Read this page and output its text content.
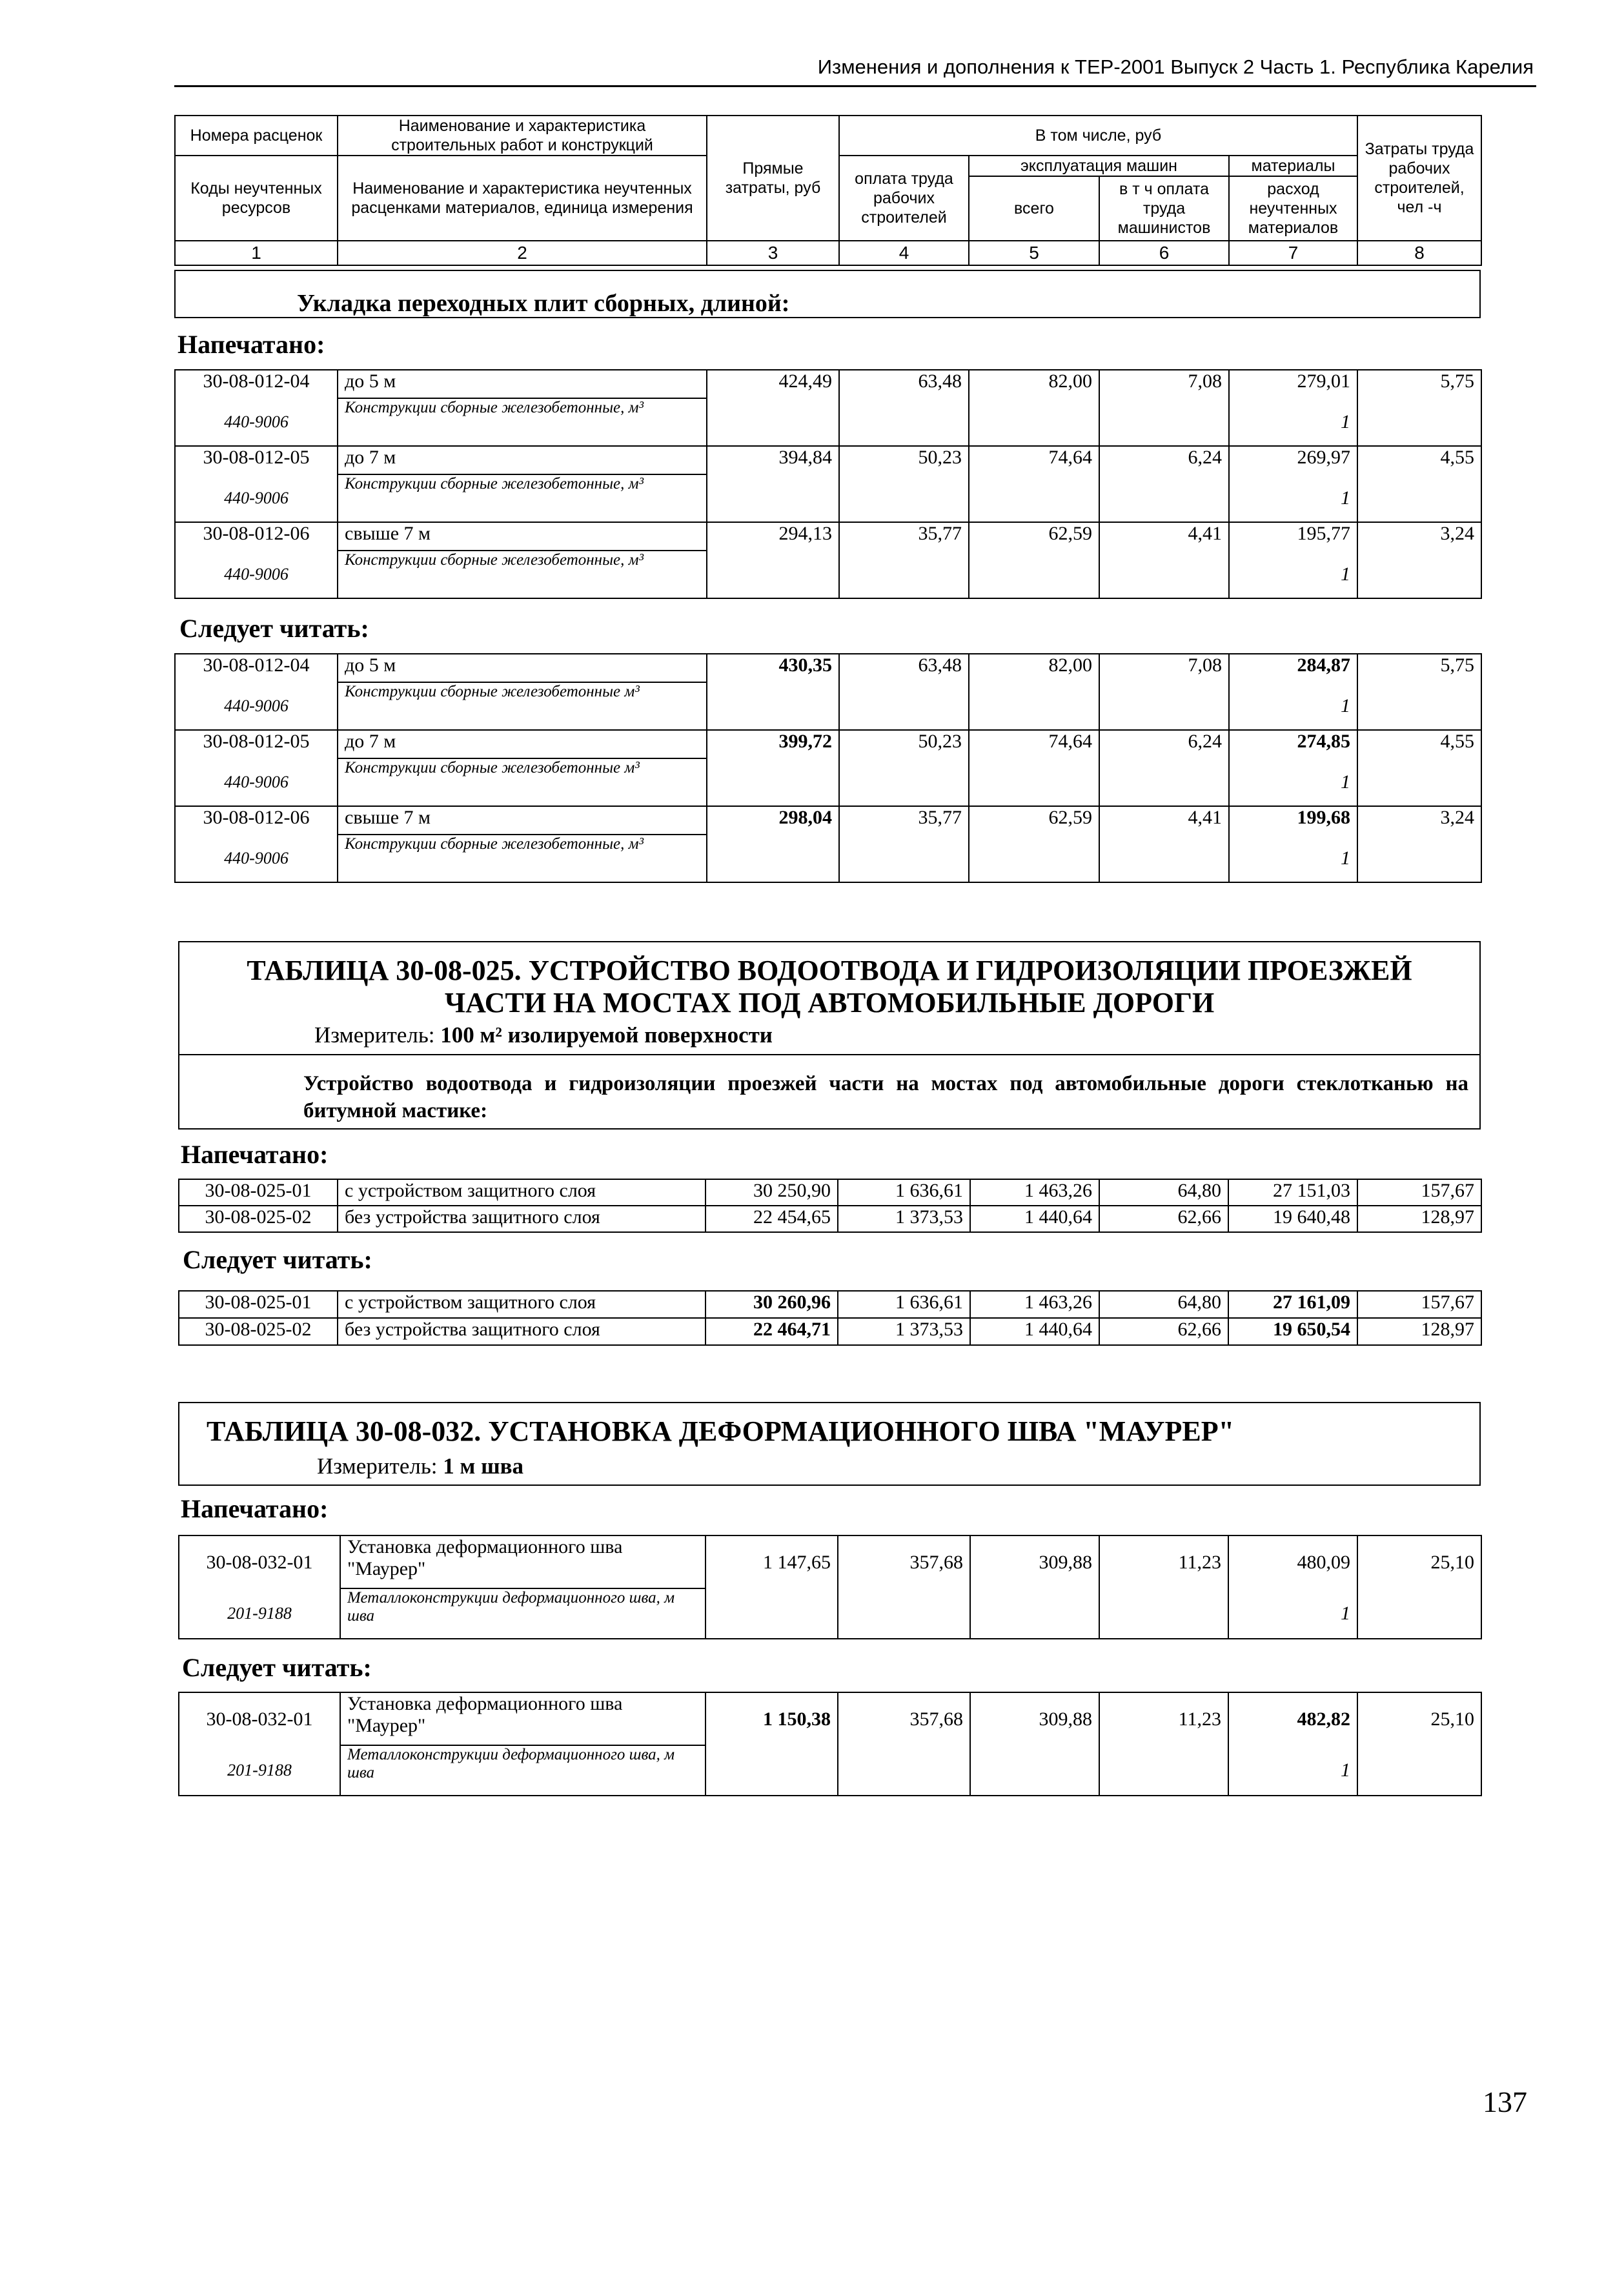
Изменения и дополнения к ТЕР-2001 Выпуск 2 Часть 1. Республика Карелия
Номера расценок	Наименование и характеристика строительных работ и конструкций	Прямые затраты, руб	В том числе, руб				Затраты труда рабочих строителей, чел -ч
Коды неучтенных ресурсов	Наименование и характеристика неучтенных расценками материалов, единица измерения		оплата труда рабочих строителей	эксплуатация машин		материалы	
				всего	в т ч оплата труда машинистов	расход неучтенных материалов	
1	2	3	4	5	6	7	8
Укладка переходных плит сборных, длиной:
Напечатано:
30-08-012-04	до 5 м	424,49	63,48	82,00	7,08	279,01	5,75
440-9006	Конструкции сборные железобетонные, м³					1	
30-08-012-05	до 7 м	394,84	50,23	74,64	6,24	269,97	4,55
440-9006	Конструкции сборные железобетонные, м³					1	
30-08-012-06	свыше 7 м	294,13	35,77	62,59	4,41	195,77	3,24
440-9006	Конструкции сборные железобетонные, м³					1	
Следует читать:
30-08-012-04	до 5 м	430,35	63,48	82,00	7,08	284,87	5,75
440-9006	Конструкции сборные железобетонные м³					1	
30-08-012-05	до 7 м	399,72	50,23	74,64	6,24	274,85	4,55
440-9006	Конструкции сборные железобетонные м³					1	
30-08-012-06	свыше 7 м	298,04	35,77	62,59	4,41	199,68	3,24
440-9006	Конструкции сборные железобетонные, м³					1	
ТАБЛИЦА 30-08-025. УСТРОЙСТВО ВОДООТВОДА И ГИДРОИЗОЛЯЦИИ ПРОЕЗЖЕЙ
ЧАСТИ НА МОСТАХ ПОД АВТОМОБИЛЬНЫЕ ДОРОГИ
Измеритель: 100 м² изолируемой поверхности
Устройство водоотвода и гидроизоляции проезжей части на мостах под автомобильные дороги стеклотканью на битумной мастике:
Напечатано:
30-08-025-01	с устройством защитного слоя	30 250,90	1 636,61	1 463,26	64,80	27 151,03	157,67
30-08-025-02	без устройства защитного слоя	22 454,65	1 373,53	1 440,64	62,66	19 640,48	128,97
Следует читать:
30-08-025-01	с устройством защитного слоя	30 260,96	1 636,61	1 463,26	64,80	27 161,09	157,67
30-08-025-02	без устройства защитного слоя	22 464,71	1 373,53	1 440,64	62,66	19 650,54	128,97
ТАБЛИЦА 30-08-032. УСТАНОВКА ДЕФОРМАЦИОННОГО ШВА "МАУРЕР"
Измеритель: 1 м шва
Напечатано:
30-08-032-01	Установка деформационного шва "Маурер"	1 147,65	357,68	309,88	11,23	480,09	25,10
201-9188	Металлоконструкции деформационного шва, м шва					1	
Следует читать:
30-08-032-01	Установка деформационного шва "Маурер"	1 150,38	357,68	309,88	11,23	482,82	25,10
201-9188	Металлоконструкции деформационного шва, м шва					1	
137
